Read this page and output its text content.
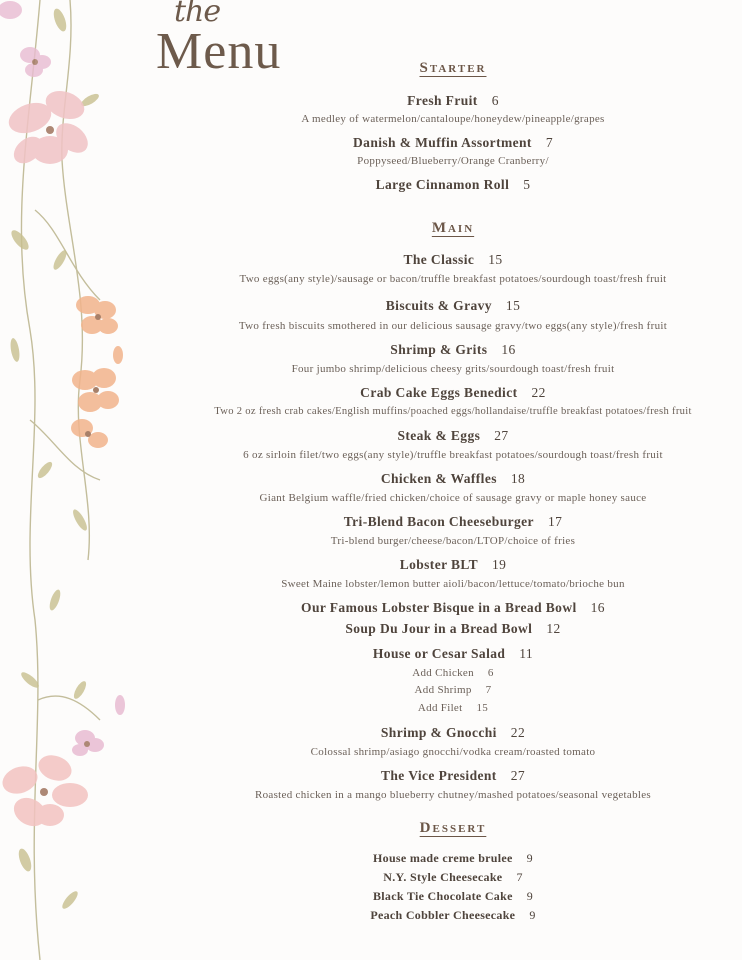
the
Menu	Starter
Fresh Fruit 6
A medley of watermelon/cantaloupe/honeydew/pineapple/grapes
Danish & Muffin Assortment 7
Poppyseed/Blueberry/Orange Cranberry/
Large Cinnamon Roll 5
Main
The Classic 15
Two eggs(any style)/sausage or bacon/truffle breakfast potatoes/sourdough toast/fresh fruit
Biscuits & Gravy 15
Two fresh biscuits smothered in our delicious sausage gravy/two eggs(any style)/fresh fruit
Shrimp & Grits 16
Four jumbo shrimp/delicious cheesy grits/sourdough toast/fresh fruit
Crab Cake Eggs Benedict 22
Two 2 oz fresh crab cakes/English muffins/poached eggs/hollandaise/truffle breakfast potatoes/fresh fruit
Steak & Eggs 27
6 oz sirloin filet/two eggs(any style)/truffle breakfast potatoes/sourdough toast/fresh fruit
Chicken & Waffles 18
Giant Belgium waffle/fried chicken/choice of sausage gravy or maple honey sauce
Tri-Blend Bacon Cheeseburger 17
Tri-blend burger/cheese/bacon/LTOP/choice of fries
Lobster BLT 19
Sweet Maine lobster/lemon butter aioli/bacon/lettuce/tomato/brioche bun
Our Famous Lobster Bisque in a Bread Bowl 16
Soup Du Jour in a Bread Bowl 12
House or Cesar Salad 11
Add Chicken 6
Add Shrimp 7
Add Filet 15
Shrimp & Gnocchi 22
Colossal shrimp/asiago gnocchi/vodka cream/roasted tomato
The Vice President 27
Roasted chicken in a mango blueberry chutney/mashed potatoes/seasonal vegetables
Dessert
House made creme brulee 9
N.Y. Style Cheesecake 7
Black Tie Chocolate Cake 9
Peach Cobbler Cheesecake 9
